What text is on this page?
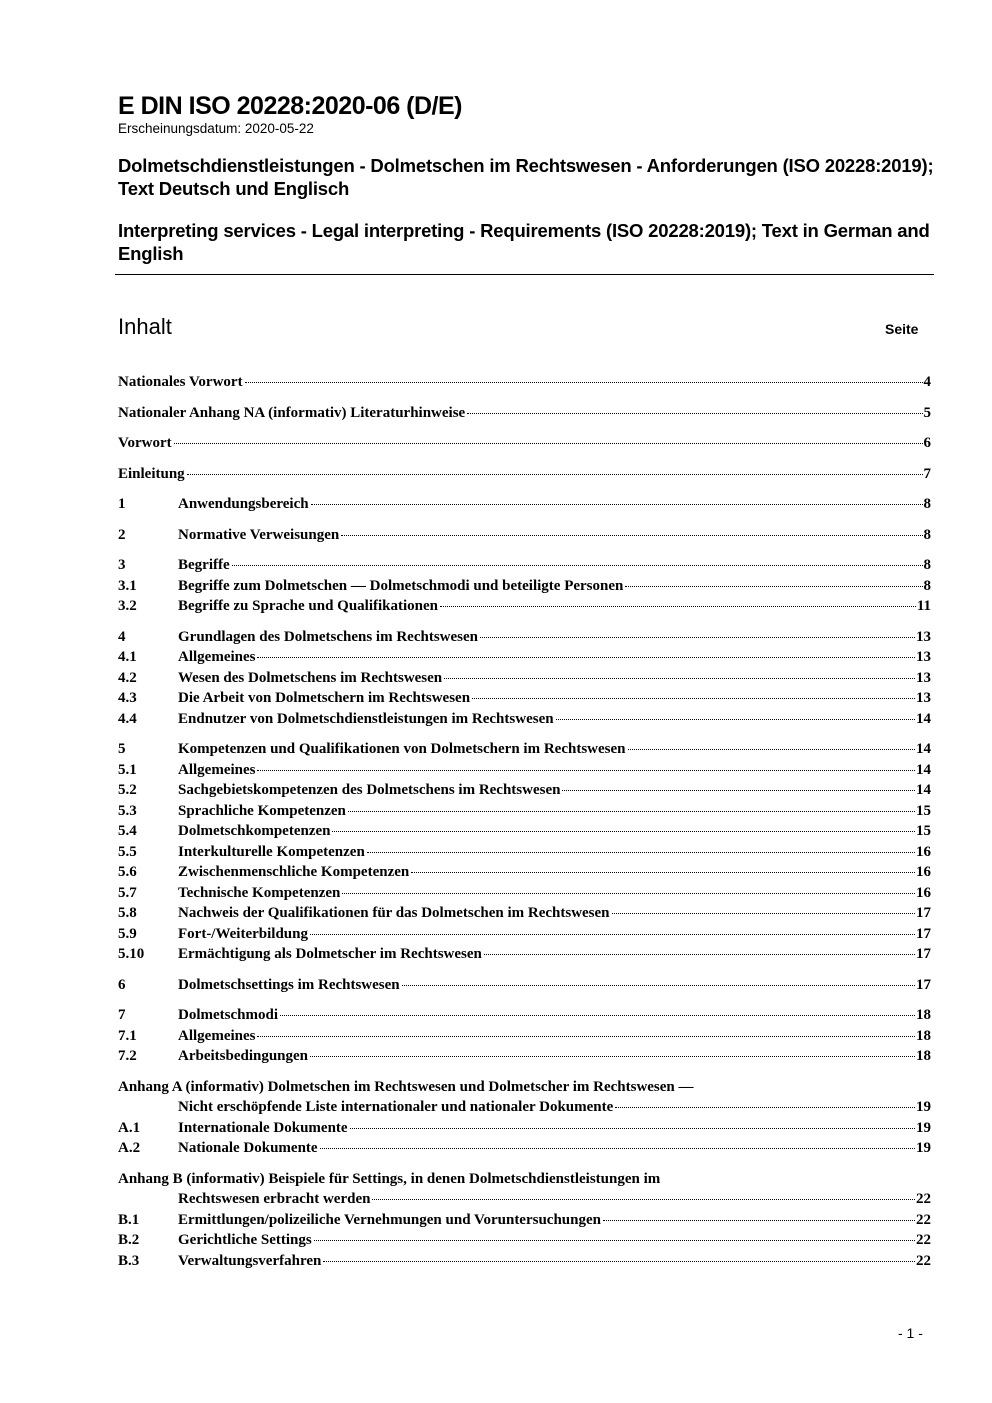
E DIN ISO 20228:2020-06 (D/E)
Erscheinungsdatum: 2020-05-22
Dolmetschdienstleistungen - Dolmetschen im Rechtswesen - Anforderungen (ISO 20228:2019); Text Deutsch und Englisch
Interpreting services - Legal interpreting - Requirements (ISO 20228:2019); Text in German and English
Inhalt	Seite
Nationales Vorwort	4
Nationaler Anhang NA (informativ) Literaturhinweise	5
Vorwort	6
Einleitung	7
1	Anwendungsbereich	8
2	Normative Verweisungen	8
3	Begriffe	8
3.1	Begriffe zum Dolmetschen — Dolmetschmodi und beteiligte Personen	8
3.2	Begriffe zu Sprache und Qualifikationen	11
4	Grundlagen des Dolmetschens im Rechtswesen	13
4.1	Allgemeines	13
4.2	Wesen des Dolmetschens im Rechtswesen	13
4.3	Die Arbeit von Dolmetschern im Rechtswesen	13
4.4	Endnutzer von Dolmetschdienstleistungen im Rechtswesen	14
5	Kompetenzen und Qualifikationen von Dolmetschern im Rechtswesen	14
5.1	Allgemeines	14
5.2	Sachgebietskompetenzen des Dolmetschens im Rechtswesen	14
5.3	Sprachliche Kompetenzen	15
5.4	Dolmetschkompetenzen	15
5.5	Interkulturelle Kompetenzen	16
5.6	Zwischenmenschliche Kompetenzen	16
5.7	Technische Kompetenzen	16
5.8	Nachweis der Qualifikationen für das Dolmetschen im Rechtswesen	17
5.9	Fort-/Weiterbildung	17
5.10	Ermächtigung als Dolmetscher im Rechtswesen	17
6	Dolmetschsettings im Rechtswesen	17
7	Dolmetschmodi	18
7.1	Allgemeines	18
7.2	Arbeitsbedingungen	18
Anhang A (informativ) Dolmetschen im Rechtswesen und Dolmetscher im Rechtswesen —
Nicht erschöpfende Liste internationaler und nationaler Dokumente	19
A.1	Internationale Dokumente	19
A.2	Nationale Dokumente	19
Anhang B (informativ) Beispiele für Settings, in denen Dolmetschdienstleistungen im
Rechtswesen erbracht werden	22
B.1	Ermittlungen/polizeiliche Vernehmungen und Voruntersuchungen	22
B.2	Gerichtliche Settings	22
B.3	Verwaltungsverfahren	22
- 1 -
